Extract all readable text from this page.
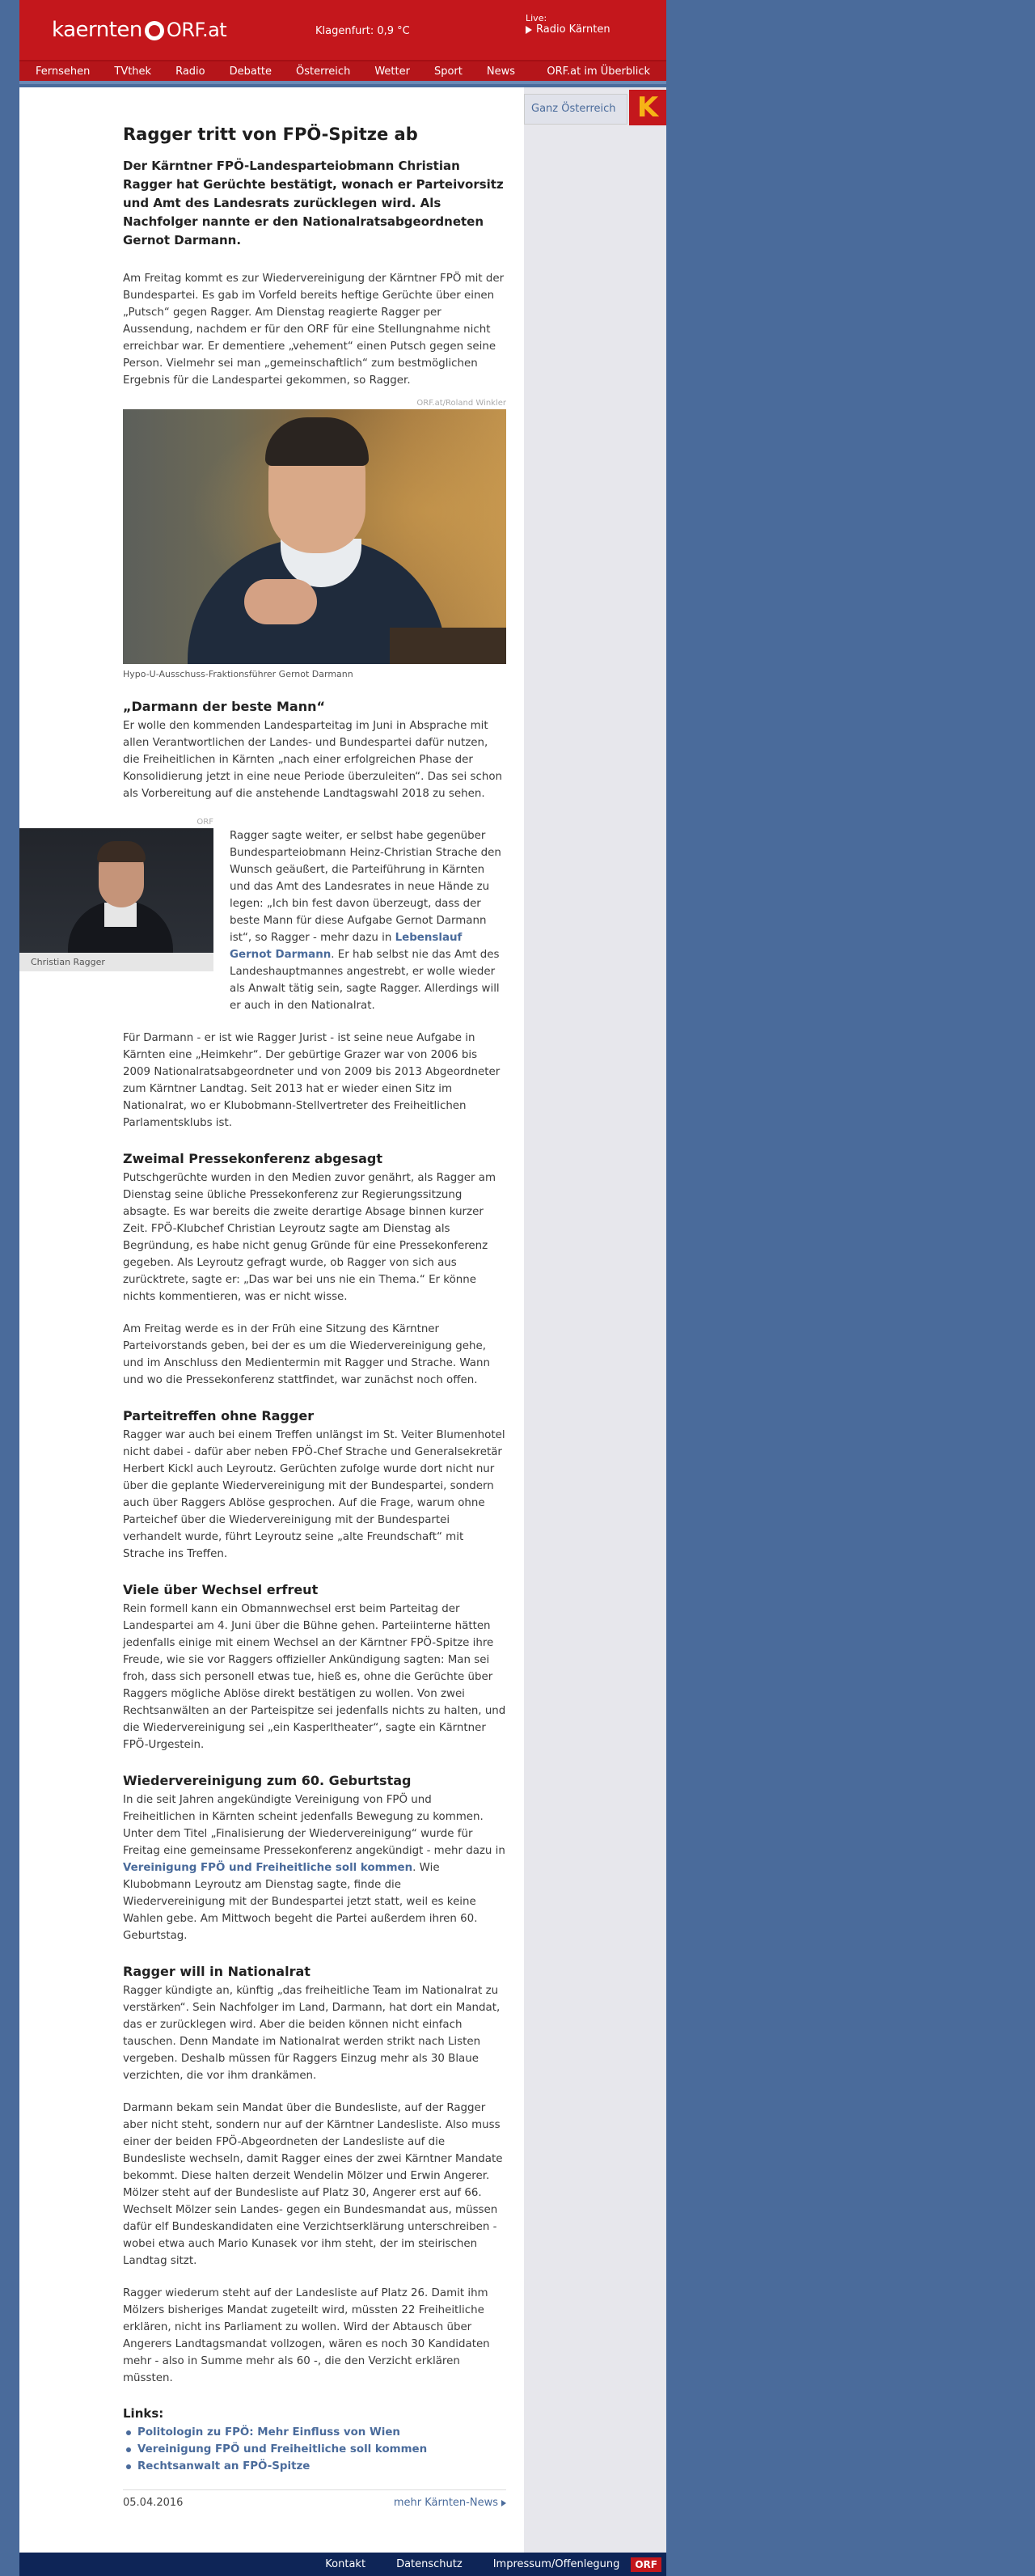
kaernten ORF.at	Klagenfurt: 0,9 °C
Live:
Radio Kärnten
Fernsehen TVthek Radio Debatte Österreich Wetter Sport News	ORF.at im Überblick
Ragger tritt von FPÖ-Spitze ab
Der Kärntner FPÖ-Landesparteiobmann Christian Ragger hat Gerüchte bestätigt, wonach er Parteivorsitz und Amt des Landesrats zurücklegen wird. Als Nachfolger nannte er den Nationalratsabgeordneten Gernot Darmann.

Am Freitag kommt es zur Wiedervereinigung der Kärntner FPÖ mit der Bundespartei. Es gab im Vorfeld bereits heftige Gerüchte über einen „Putsch“ gegen Ragger. Am Dienstag reagierte Ragger per Aussendung, nachdem er für den ORF für eine Stellungnahme nicht erreichbar war. Er dementiere „vehement“ einen Putsch gegen seine Person. Vielmehr sei man „gemeinschaftlich“ zum bestmöglichen Ergebnis für die Landespartei gekommen, so Ragger.

ORF.at/Roland Winkler
Hypo-U-Ausschuss-Fraktionsführer Gernot Darmann
„Darmann der beste Mann“

Er wolle den kommenden Landesparteitag im Juni in Absprache mit allen Verantwortlichen der Landes- und Bundespartei dafür nutzen, die Freiheitlichen in Kärnten „nach einer erfolgreichen Phase der Konsolidierung jetzt in eine neue Periode überzuleiten“. Das sei schon als Vorbereitung auf die anstehende Landtagswahl 2018 zu sehen.

ORF
Christian Ragger

Ragger sagte weiter, er selbst habe gegenüber Bundesparteiobmann Heinz-Christian Strache den Wunsch geäußert, die Parteiführung in Kärnten und das Amt des Landesrates in neue Hände zu legen: „Ich bin fest davon überzeugt, dass der beste Mann für diese Aufgabe Gernot Darmann ist“, so Ragger - mehr dazu in Lebenslauf Gernot Darmann. Er hab selbst nie das Amt des Landeshauptmannes angestrebt, er wolle wieder als Anwalt tätig sein, sagte Ragger. Allerdings will er auch in den Nationalrat.

Für Darmann - er ist wie Ragger Jurist - ist seine neue Aufgabe in Kärnten eine „Heimkehr“. Der gebürtige Grazer war von 2006 bis 2009 Nationalratsabgeordneter und von 2009 bis 2013 Abgeordneter zum Kärntner Landtag. Seit 2013 hat er wieder einen Sitz im Nationalrat, wo er Klubobmann-Stellvertreter des Freiheitlichen Parlamentsklubs ist.

Zweimal Pressekonferenz abgesagt

Putschgerüchte wurden in den Medien zuvor genährt, als Ragger am Dienstag seine übliche Pressekonferenz zur Regierungssitzung absagte. Es war bereits die zweite derartige Absage binnen kurzer Zeit. FPÖ-Klubchef Christian Leyroutz sagte am Dienstag als Begründung, es habe nicht genug Gründe für eine Pressekonferenz gegeben. Als Leyroutz gefragt wurde, ob Ragger von sich aus zurücktrete, sagte er: „Das war bei uns nie ein Thema.“ Er könne nichts kommentieren, was er nicht wisse.

Am Freitag werde es in der Früh eine Sitzung des Kärntner Parteivorstands geben, bei der es um die Wiedervereinigung gehe, und im Anschluss den Medientermin mit Ragger und Strache. Wann und wo die Pressekonferenz stattfindet, war zunächst noch offen.

Parteitreffen ohne Ragger

Ragger war auch bei einem Treffen unlängst im St. Veiter Blumenhotel nicht dabei - dafür aber neben FPÖ-Chef Strache und Generalsekretär Herbert Kickl auch Leyroutz. Gerüchten zufolge wurde dort nicht nur über die geplante Wiedervereinigung mit der Bundespartei, sondern auch über Raggers Ablöse gesprochen. Auf die Frage, warum ohne Parteichef über die Wiedervereinigung mit der Bundespartei verhandelt wurde, führt Leyroutz seine „alte Freundschaft“ mit Strache ins Treffen.

Viele über Wechsel erfreut

Rein formell kann ein Obmannwechsel erst beim Parteitag der Landespartei am 4. Juni über die Bühne gehen. Parteiinterne hätten jedenfalls einige mit einem Wechsel an der Kärntner FPÖ-Spitze ihre Freude, wie sie vor Raggers offizieller Ankündigung sagten: Man sei froh, dass sich personell etwas tue, hieß es, ohne die Gerüchte über Raggers mögliche Ablöse direkt bestätigen zu wollen. Von zwei Rechtsanwälten an der Parteispitze sei jedenfalls nichts zu halten, und die Wiedervereinigung sei „ein Kasperltheater“, sagte ein Kärntner FPÖ-Urgestein.

Wiedervereinigung zum 60. Geburtstag

In die seit Jahren angekündigte Vereinigung von FPÖ und Freiheitlichen in Kärnten scheint jedenfalls Bewegung zu kommen. Unter dem Titel „Finalisierung der Wiedervereinigung“ wurde für Freitag eine gemeinsame Pressekonferenz angekündigt - mehr dazu in Vereinigung FPÖ und Freiheitliche soll kommen. Wie Klubobmann Leyroutz am Dienstag sagte, finde die Wiedervereinigung mit der Bundespartei jetzt statt, weil es keine Wahlen gebe. Am Mittwoch begeht die Partei außerdem ihren 60. Geburtstag.

Ragger will in Nationalrat

Ragger kündigte an, künftig „das freiheitliche Team im Nationalrat zu verstärken“. Sein Nachfolger im Land, Darmann, hat dort ein Mandat, das er zurücklegen wird. Aber die beiden können nicht einfach tauschen. Denn Mandate im Nationalrat werden strikt nach Listen vergeben. Deshalb müssen für Raggers Einzug mehr als 30 Blaue verzichten, die vor ihm drankämen.

Darmann bekam sein Mandat über die Bundesliste, auf der Ragger aber nicht steht, sondern nur auf der Kärntner Landesliste. Also muss einer der beiden FPÖ-Abgeordneten der Landesliste auf die Bundesliste wechseln, damit Ragger eines der zwei Kärntner Mandate bekommt. Diese halten derzeit Wendelin Mölzer und Erwin Angerer. Mölzer steht auf der Bundesliste auf Platz 30, Angerer erst auf 66. Wechselt Mölzer sein Landes- gegen ein Bundesmandat aus, müssen dafür elf Bundeskandidaten eine Verzichtserklärung unterschreiben - wobei etwa auch Mario Kunasek vor ihm steht, der im steirischen Landtag sitzt.

Ragger wiederum steht auf der Landesliste auf Platz 26. Damit ihm Mölzers bisheriges Mandat zugeteilt wird, müssten 22 Freiheitliche erklären, nicht ins Parliament zu wollen. Wird der Abtausch über Angerers Landtagsmandat vollzogen, wären es noch 30 Kandidaten mehr - also in Summe mehr als 60 -, die den Verzicht erklären müssten.

Links:
Politologin zu FPÖ: Mehr Einfluss von Wien
Vereinigung FPÖ und Freiheitliche soll kommen
Rechtsanwalt an FPÖ-Spitze
05.04.2016	mehr Kärnten-News
Ganz Österreich K
Kontakt	Datenschutz	Impressum/Offenlegung	ORF
